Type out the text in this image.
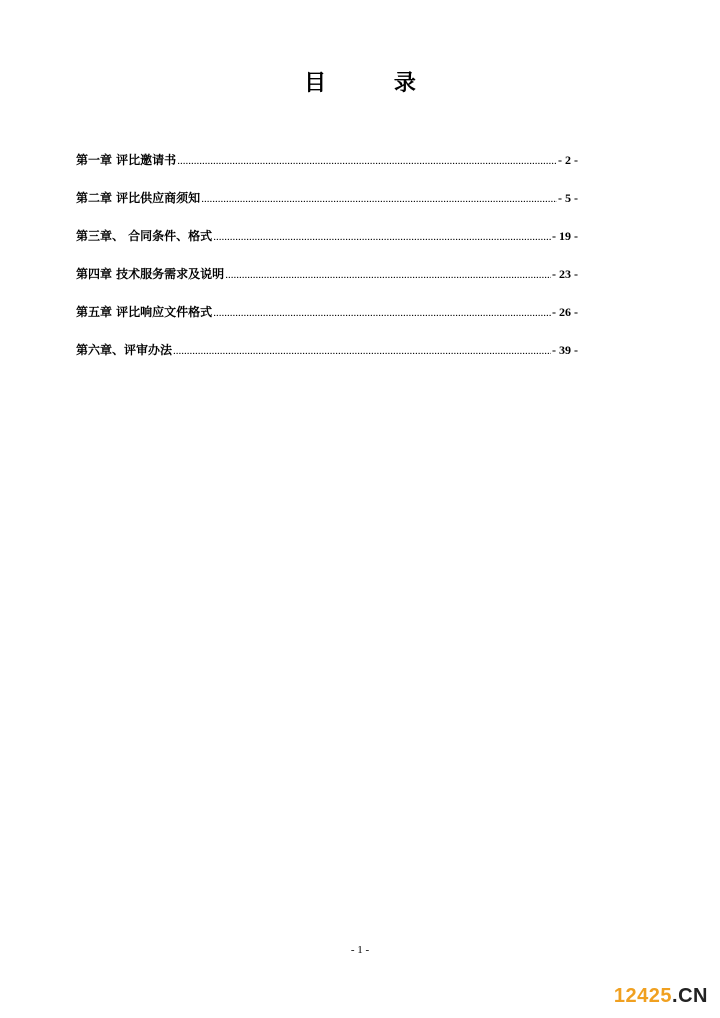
目 录
第一章 评比邀请书 .....	- 2 -
第二章 评比供应商须知 .....	- 5 -
第三章、 合同条件、格式 .....	- 19 -
第四章 技术服务需求及说明 .....	- 23 -
第五章 评比响应文件格式 .....	- 26 -
第六章、评审办法 .....	- 39 -
- 1 -
12425.CN
